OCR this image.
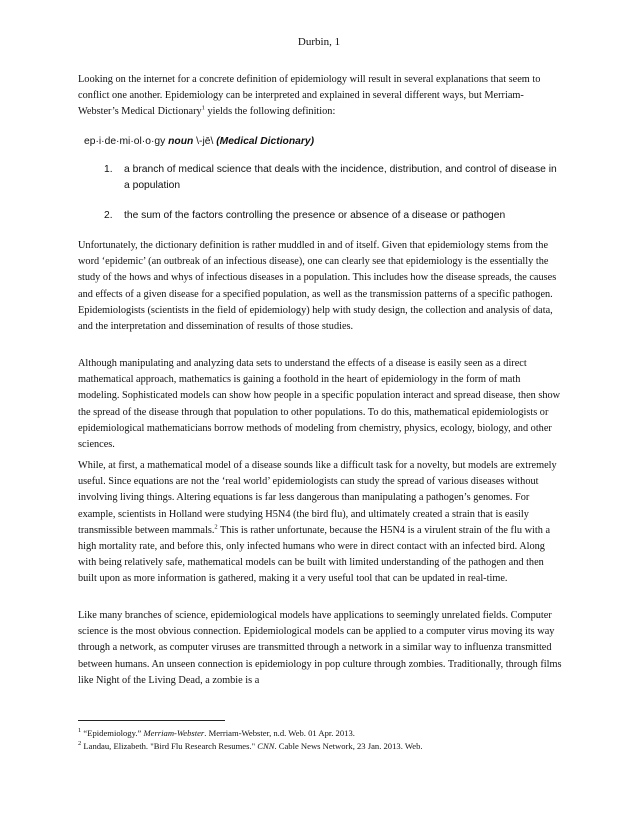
Durbin, 1

Looking on the internet for a concrete definition of epidemiology will result in several explanations that seem to conflict one another. Epidemiology can be interpreted and explained in several different ways, but Merriam-Webster’s Medical Dictionary$^1$ yields the following definition:

ep·i·de·mi·ol·o·gy noun \-jē\ (Medical Dictionary)
1. a branch of medical science that deals with the incidence, distribution, and control of disease in a population
2. the sum of the factors controlling the presence or absence of a disease or pathogen

Unfortunately, the dictionary definition is rather muddled in and of itself. Given that epidemiology stems from the word ‘epidemic’ (an outbreak of an infectious disease), one can clearly see that epidemiology is the essentially the study of the hows and whys of infectious diseases in a population. This includes how the disease spreads, the causes and effects of a given disease for a specified population, as well as the transmission patterns of a specific pathogen. Epidemiologists (scientists in the field of epidemiology) help with study design, the collection and analysis of data, and the interpretation and dissemination of results of those studies.

Although manipulating and analyzing data sets to understand the effects of a disease is easily seen as a direct mathematical approach, mathematics is gaining a foothold in the heart of epidemiology in the form of math modeling. Sophisticated models can show how people in a specific population interact and spread disease, then show the spread of the disease through that population to other populations. To do this, mathematical epidemiologists or epidemiological mathematicians borrow methods of modeling from chemistry, physics, ecology, biology, and other sciences.

While, at first, a mathematical model of a disease sounds like a difficult task for a novelty, but models are extremely useful. Since equations are not the ‘real world’ epidemiologists can study the spread of various diseases without involving living things. Altering equations is far less dangerous than manipulating a pathogen’s genomes. For example, scientists in Holland were studying H5N4 (the bird flu), and ultimately created a strain that is easily transmissible between mammals.$^2$ This is rather unfortunate, because the H5N4 is a virulent strain of the flu with a high mortality rate, and before this, only infected humans who were in direct contact with an infected bird. Along with being relatively safe, mathematical models can be built with limited understanding of the pathogen and then built upon as more information is gathered, making it a very useful tool that can be updated in real-time.

Like many branches of science, epidemiological models have applications to seemingly unrelated fields. Computer science is the most obvious connection. Epidemiological models can be applied to a computer virus moving its way through a network, as computer viruses are transmitted through a network in a similar way to influenza transmitted between humans. An unseen connection is epidemiology in pop culture through zombies. Traditionally, through films like Night of the Living Dead, a zombie is a

$^1$ “Epidemiology.” Merriam-Webster. Merriam-Webster, n.d. Web. 01 Apr. 2013.
$^2$ Landau, Elizabeth. "Bird Flu Research Resumes." CNN. Cable News Network, 23 Jan. 2013. Web.
